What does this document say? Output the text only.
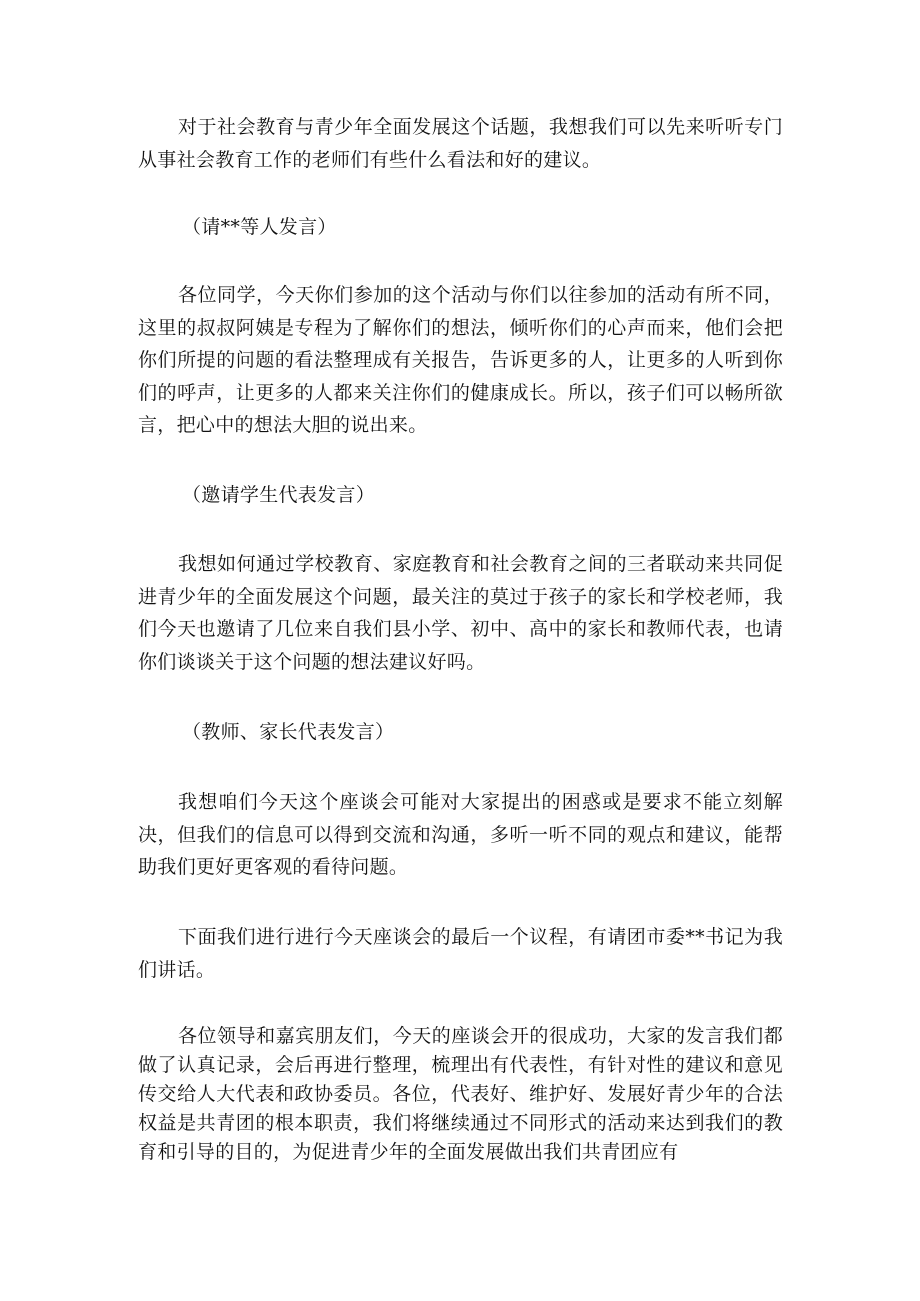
对于社会教育与青少年全面发展这个话题，我想我们可以先来听听专门从事社会教育工作的老师们有些什么看法和好的建议。

（请**等人发言）

各位同学，今天你们参加的这个活动与你们以往参加的活动有所不同，这里的叔叔阿姨是专程为了解你们的想法，倾听你们的心声而来，他们会把你们所提的问题的看法整理成有关报告，告诉更多的人，让更多的人听到你们的呼声，让更多的人都来关注你们的健康成长。所以，孩子们可以畅所欲言，把心中的想法大胆的说出来。

（邀请学生代表发言）

我想如何通过学校教育、家庭教育和社会教育之间的三者联动来共同促进青少年的全面发展这个问题，最关注的莫过于孩子的家长和学校老师，我们今天也邀请了几位来自我们县小学、初中、高中的家长和教师代表，也请你们谈谈关于这个问题的想法建议好吗。

（教师、家长代表发言）

我想咱们今天这个座谈会可能对大家提出的困惑或是要求不能立刻解决，但我们的信息可以得到交流和沟通，多听一听不同的观点和建议，能帮助我们更好更客观的看待问题。

下面我们进行进行今天座谈会的最后一个议程，有请团市委**书记为我们讲话。

各位领导和嘉宾朋友们，今天的座谈会开的很成功，大家的发言我们都做了认真记录，会后再进行整理，梳理出有代表性，有针对性的建议和意见传交给人大代表和政协委员。各位，代表好、维护好、发展好青少年的合法权益是共青团的根本职责，我们将继续通过不同形式的活动来达到我们的教育和引导的目的，为促进青少年的全面发展做出我们共青团应有
